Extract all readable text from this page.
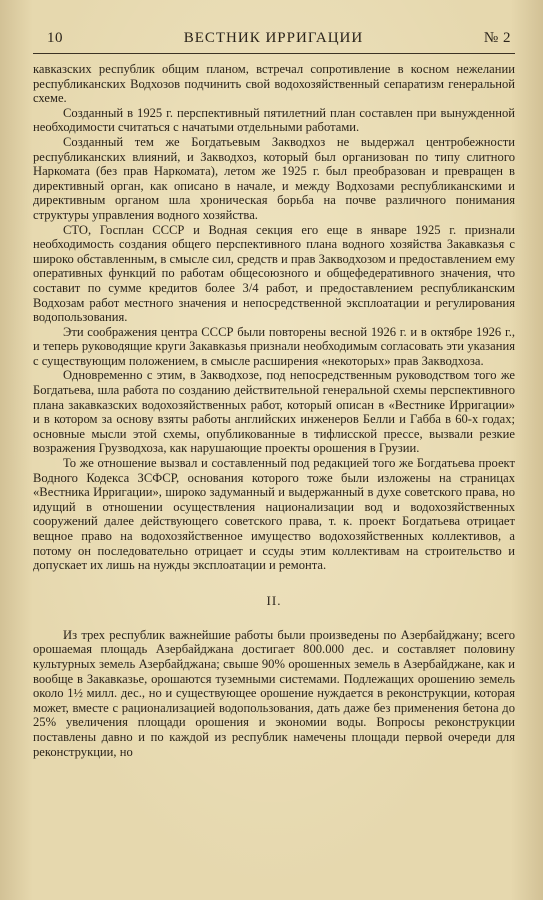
10	ВЕСТНИК ИРРИГАЦИИ	№ 2

кавказских республик общим планом, встречал сопротивление в косном нежелании республиканских Водхозов подчинить свой водохозяйственный сепаратизм генеральной схеме.

Созданный в 1925 г. перспективный пятилетний план составлен при вынужденной необходимости считаться с начатыми отдельными работами.

Созданный тем же Богдатьевым Закводхоз не выдержал центробежности республиканских влияний, и Закводхоз, который был организован по типу слитного Наркомата (без прав Наркомата), летом же 1925 г. был преобразован и превращен в директивный орган, как описано в начале, и между Водхозами республиканскими и директивным органом шла хроническая борьба на почве различного понимания структуры управления водного хозяйства.

СТО, Госплан СССР и Водная секция его еще в январе 1925 г. признали необходимость создания общего перспективного плана водного хозяйства Закавказья с широко обставленным, в смысле сил, средств и прав Закводхозом и предоставлением ему оперативных функций по работам общесоюзного и общефедеративного значения, что составит по сумме кредитов более 3/4 работ, и предоставлением республиканским Водхозам работ местного значения и непосредственной эксплоатации и регулирования водопользования.

Эти соображения центра СССР были повторены весной 1926 г. и в октябре 1926 г., и теперь руководящие круги Закавказья признали необходимым согласовать эти указания с существующим положением, в смысле расширения «некоторых» прав Закводхоза.

Одновременно с этим, в Закводхозе, под непосредственным руководством того же Богдатьева, шла работа по созданию действительной генеральной схемы перспективного плана закавказских водохозяйственных работ, который описан в «Вестнике Ирригации» и в котором за основу взяты работы английских инженеров Белли и Габба в 60-х годах; основные мысли этой схемы, опубликованные в тифлисской прессе, вызвали резкие возражения Грузводхоза, как нарушающие проекты орошения в Грузии.

То же отношение вызвал и составленный под редакцией того же Богдатьева проект Водного Кодекса ЗСФСР, основания которого тоже были изложены на страницах «Вестника Ирригации», широко задуманный и выдержанный в духе советского права, но идущий в отношении осуществления национализации вод и водохозяйственных сооружений далее действующего советского права, т. к. проект Богдатьева отрицает вещное право на водохозяйственное имущество водохозяйственных коллективов, а потому он последовательно отрицает и ссуды этим коллективам на строительство и допускает их лишь на нужды эксплоатации и ремонта.

II.

Из трех республик важнейшие работы были произведены по Азербайджану; всего орошаемая площадь Азербайджана достигает 800.000 дес. и составляет половину культурных земель Азербайджана; свыше 90% орошенных земель в Азербайджане, как и вообще в Закавказье, орошаются туземными системами. Подлежащих орошению земель около 1½ милл. дес., но и существующее орошение нуждается в реконструкции, которая может, вместе с рационализацией водопользования, дать даже без применения бетона до 25% увеличения площади орошения и экономии воды. Вопросы реконструкции поставлены давно и по каждой из республик намечены площади первой очереди для реконструкции, но
